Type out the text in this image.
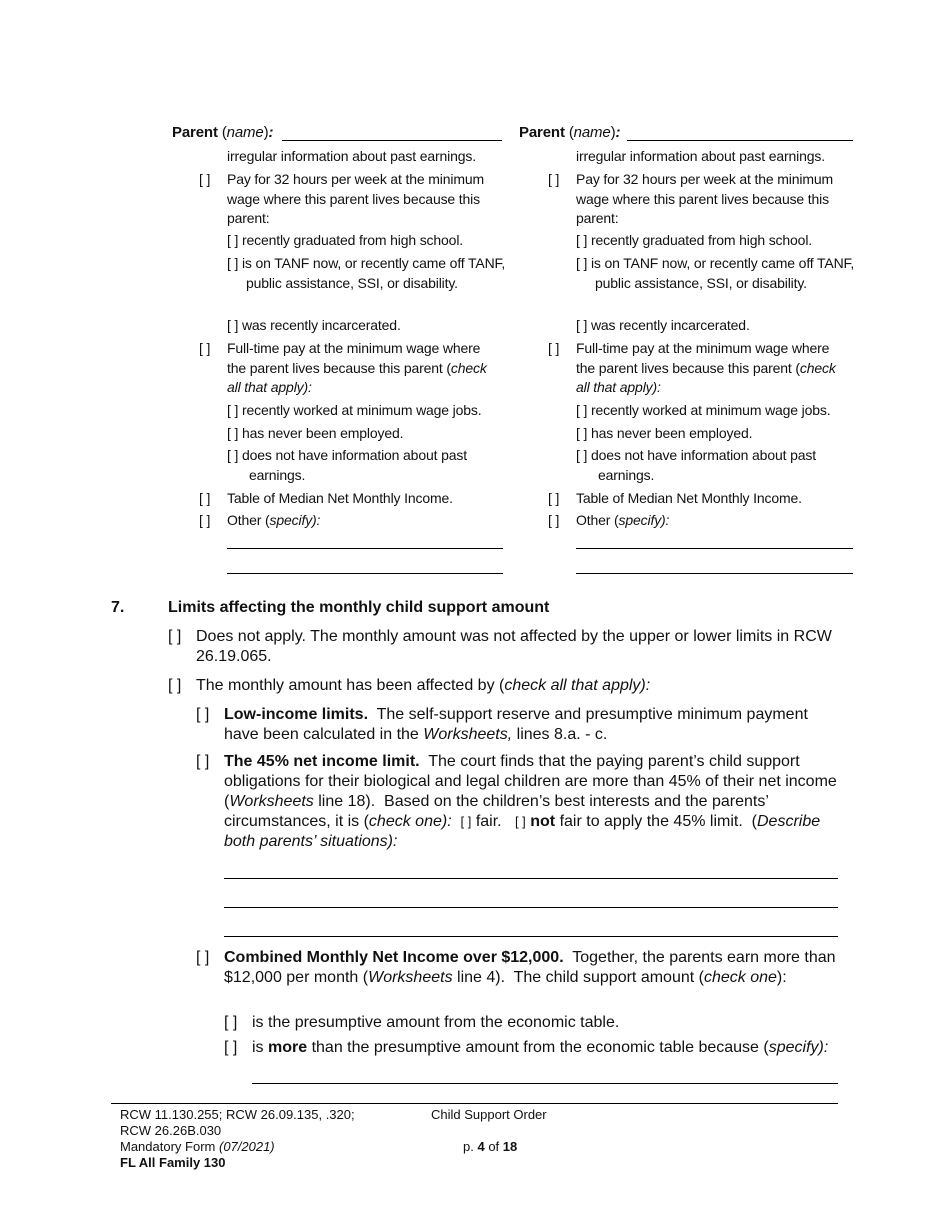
Parent (name):
irregular information about past earnings.
[ ] Pay for 32 hours per week at the minimum wage where this parent lives because this parent:
[ ] recently graduated from high school.
[ ] is on TANF now, or recently came off TANF, public assistance, SSI, or disability.
[ ] was recently incarcerated.
[ ] Full-time pay at the minimum wage where the parent lives because this parent (check all that apply):
[ ] recently worked at minimum wage jobs.
[ ] has never been employed.
[ ] does not have information about past earnings.
[ ] Table of Median Net Monthly Income.
[ ] Other (specify):
Parent (name):
irregular information about past earnings.
[ ] Pay for 32 hours per week at the minimum wage where this parent lives because this parent:
[ ] recently graduated from high school.
[ ] is on TANF now, or recently came off TANF, public assistance, SSI, or disability.
[ ] was recently incarcerated.
[ ] Full-time pay at the minimum wage where the parent lives because this parent (check all that apply):
[ ] recently worked at minimum wage jobs.
[ ] has never been employed.
[ ] does not have information about past earnings.
[ ] Table of Median Net Monthly Income.
[ ] Other (specify):
7.	Limits affecting the monthly child support amount
[ ] Does not apply. The monthly amount was not affected by the upper or lower limits in RCW 26.19.065.
[ ] The monthly amount has been affected by (check all that apply):
[ ] Low-income limits.  The self-support reserve and presumptive minimum payment have been calculated in the Worksheets, lines 8.a. - c.
[ ] The 45% net income limit.  The court finds that the paying parent’s child support obligations for their biological and legal children are more than 45% of their net income (Worksheets line 18).  Based on the children’s best interests and the parents’ circumstances, it is (check one):  [ ] fair.   [ ] not fair to apply the 45% limit.  (Describe both parents’ situations):
[ ] Combined Monthly Net Income over $12,000.  Together, the parents earn more than $12,000 per month (Worksheets line 4).  The child support amount (check one):
[ ] is the presumptive amount from the economic table.
[ ] is more than the presumptive amount from the economic table because (specify):
RCW 11.130.255; RCW 26.09.135, .320;
RCW 26.26B.030
Mandatory Form (07/2021)
FL All Family 130
Child Support Order
p. 4 of 18
